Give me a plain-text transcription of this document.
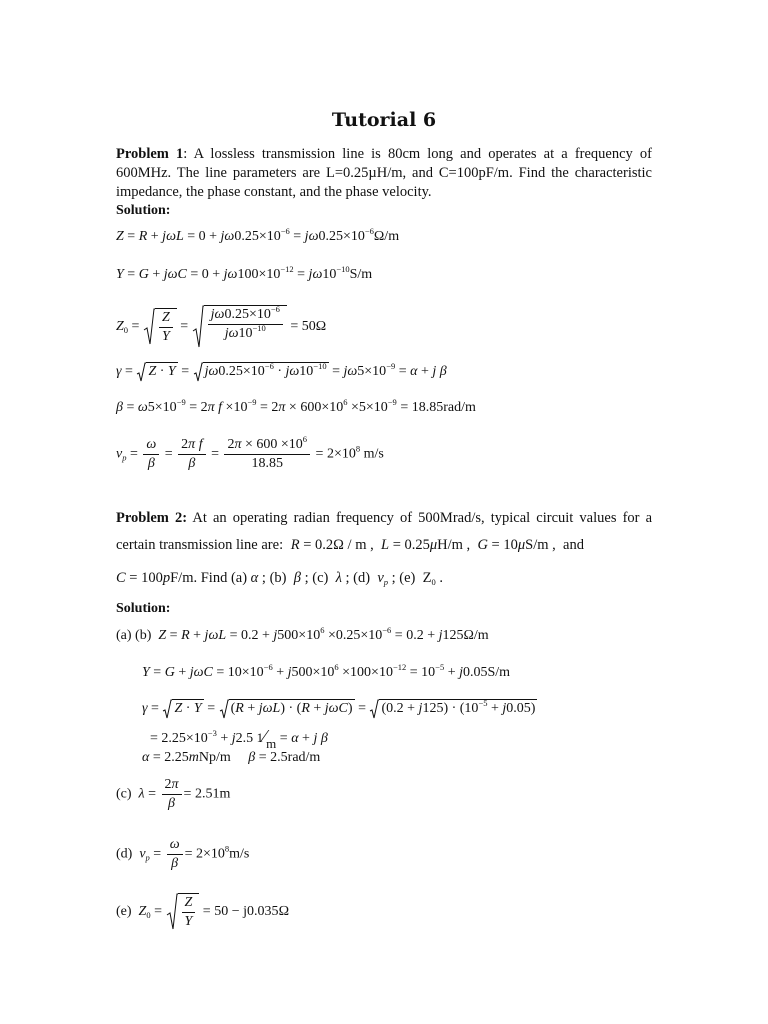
Tutorial 6
Problem 1: A lossless transmission line is 80cm long and operates at a frequency of 600MHz. The line parameters are L=0.25µH/m, and C=100pF/m. Find the characteristic impedance, the phase constant, and the phase velocity.
Solution:
$Z = R + j\omega L = 0 + j\omega 0.25\times 10^{-6} = j\omega 0.25\times 10^{-6}\Omega/m$
$Y = G + j\omega C = 0 + j\omega 100\times 10^{-12} = j\omega 10^{-10}S/m$
$Z_0 = \frac{Z}{Y} = \frac{j\omega 0.25\times 10^{-6}}{j\omega 10^{-10}} = 50\Omega$
$\gamma = Z \cdot Y = j\omega 0.25\times 10^{-6} \cdot j\omega 10^{-10} = j\omega 5\times 10^{-9} = \alpha + j$ β
$\beta = \omega 5\times 10^{-9} = 2\pi$ $f \times 10^{-9} = 2\pi \times 600\times 10^6 \times 5\times 10^{-9} = 18.85rad/m$
$v_p = \frac{\omega}{\beta} = \frac{\text{2π f}}{\beta} = \frac{2\pi \times 600 \times 10^6}{18.85} = 2\times 10^8$ m/s
Problem 2: At an operating radian frequency of 500Mrad/s, typical circuit values for a certain transmission line are: R = 0.2Ω / m ,  L = 0.25μH/m ,  G = 10μS/m ,  and
C = 100pF/m. Find (a) α ; (b)  β ; (c)  λ ; (d)  $v_p$ ; (e)  $Z_0$ .
Solution:
(a) (b) $Z = R + j\omega L = 0.2 + j500\times 10^6 \times 0.25\times 10^{-6} = 0.2 + j125\Omega/m$
$Y = G + j\omega C = 10\times 10^{-6} + j500\times 10^6 \times 100\times 10^{-12} = 10^{-5} + j0.05S/m$
$\gamma = Z \cdot Y = (R + j\omega L) \cdot (R + j\omega C) = (0.2 + j125) \cdot (10^{-5} + j0.05)$
= $2.25\times 10^{-3} + j2.5$ 1⁄m = α + j β
α = 2.25mNp/m     β = 2.5rad/m
(c) $\lambda = \frac{2\pi}{\beta} = 2.51m$
(d) $v_p = \frac{\omega}{\beta} = 2\times 10^8m/s$
(e) $Z_0 = \frac{Z}{Y} = 50$ − j0.035Ω
